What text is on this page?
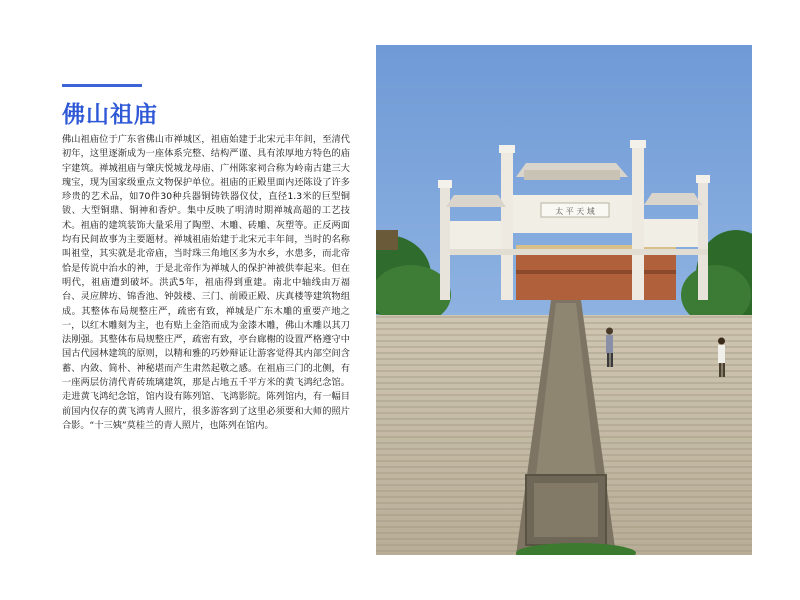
佛山祖庙

佛山祖庙位于广东省佛山市禅城区，祖庙始建于北宋元丰年间，至清代初年，这里逐渐成为一座体系完整、结构严谨、具有浓厚地方特色的庙宇建筑。禅城祖庙与肇庆悦城龙母庙、广州陈家祠合称为岭南古建三大瑰宝，现为国家级重点文物保护单位。祖庙的正殿里面内还陈设了许多珍贵的艺术品，如70件30种兵器铜铸铁器仪仗，直径1.3米的巨型铜钹、大型铜鼎、铜神和香炉。集中反映了明清时期禅城高超的工艺技术。祖庙的建筑装饰大量采用了陶塑、木雕、砖雕、灰塑等。正反两面均有民间故事为主要题材。禅城祖庙始建于北宋元丰年间，当时的名称叫祖堂，其实就是北帝庙，当时珠三角地区多为水乡，水患多，而北帝恰是传说中治水的神，于是北帝作为禅城人的保护神被供奉起来。但在明代，祖庙遭到破坏。洪武5年，祖庙得到重建。南北中轴线由万福台、灵应牌坊、锦香池、钟鼓楼、三门、前殿正殿、庆真楼等建筑物组成。其整体布局规整庄严，疏密有致，禅城是广东木雕的重要产地之一，以红木雕刻为主，也有贴上金箔而成为金漆木雕，佛山木雕以其刀法刚强。其整体布局规整庄严，疏密有致，亭台廊榭的设置严格遵守中国古代园林建筑的原则，以精和雅的巧妙辩证让游客觉得其内部空间含蓄、内敛、简朴、神秘堪而产生肃然起敬之感。在祖庙三门的北侧，有一座两层仿清代青砖琉璃建筑，那是占地五千平方米的黄飞鸿纪念馆。走进黄飞鸿纪念馆，馆内设有陈列馆、飞鸿影院。陈列馆内，有一幅目前国内仅存的黄飞鸿青人照片，很多游客到了这里必须要和大师的照片合影。“十三姨”莫桂兰的青人照片，也陈列在馆内。

太 平 天 域
